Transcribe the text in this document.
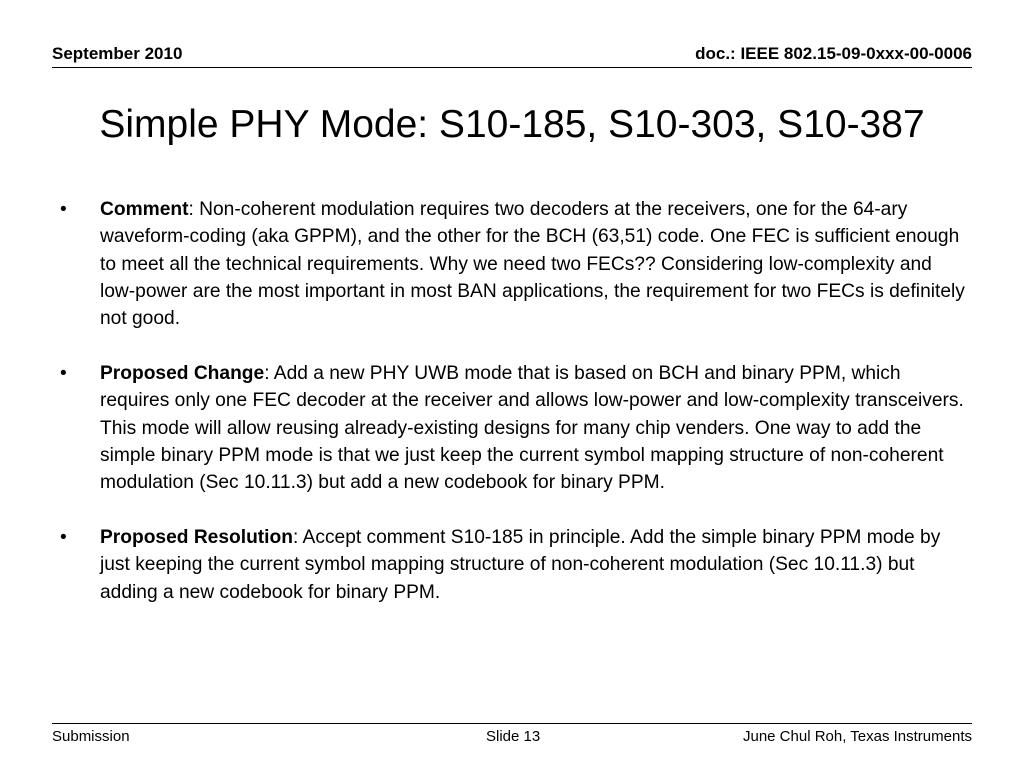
September 2010	doc.: IEEE 802.15-09-0xxx-00-0006
Simple PHY Mode: S10-185, S10-303, S10-387
• Comment: Non-coherent modulation requires two decoders at the receivers, one for the 64-ary waveform-coding (aka GPPM), and the other for the BCH (63,51) code. One FEC is sufficient enough to meet all the technical requirements. Why we need two FECs?? Considering low-complexity and low-power are the most important in most BAN applications, the requirement for two FECs is definitely not good.
• Proposed Change: Add a new PHY UWB mode that is based on BCH and binary PPM, which requires only one FEC decoder at the receiver and allows low-power and low-complexity transceivers. This mode will allow reusing already-existing designs for many chip venders. One way to add the simple binary PPM mode is that we just keep the current symbol mapping structure of non-coherent modulation (Sec 10.11.3) but add a new codebook for binary PPM.
• Proposed Resolution: Accept comment S10-185 in principle. Add the simple binary PPM mode by just keeping the current symbol mapping structure of non-coherent modulation (Sec 10.11.3) but adding a new codebook for binary PPM.
Submission	Slide 13	June Chul Roh, Texas Instruments
